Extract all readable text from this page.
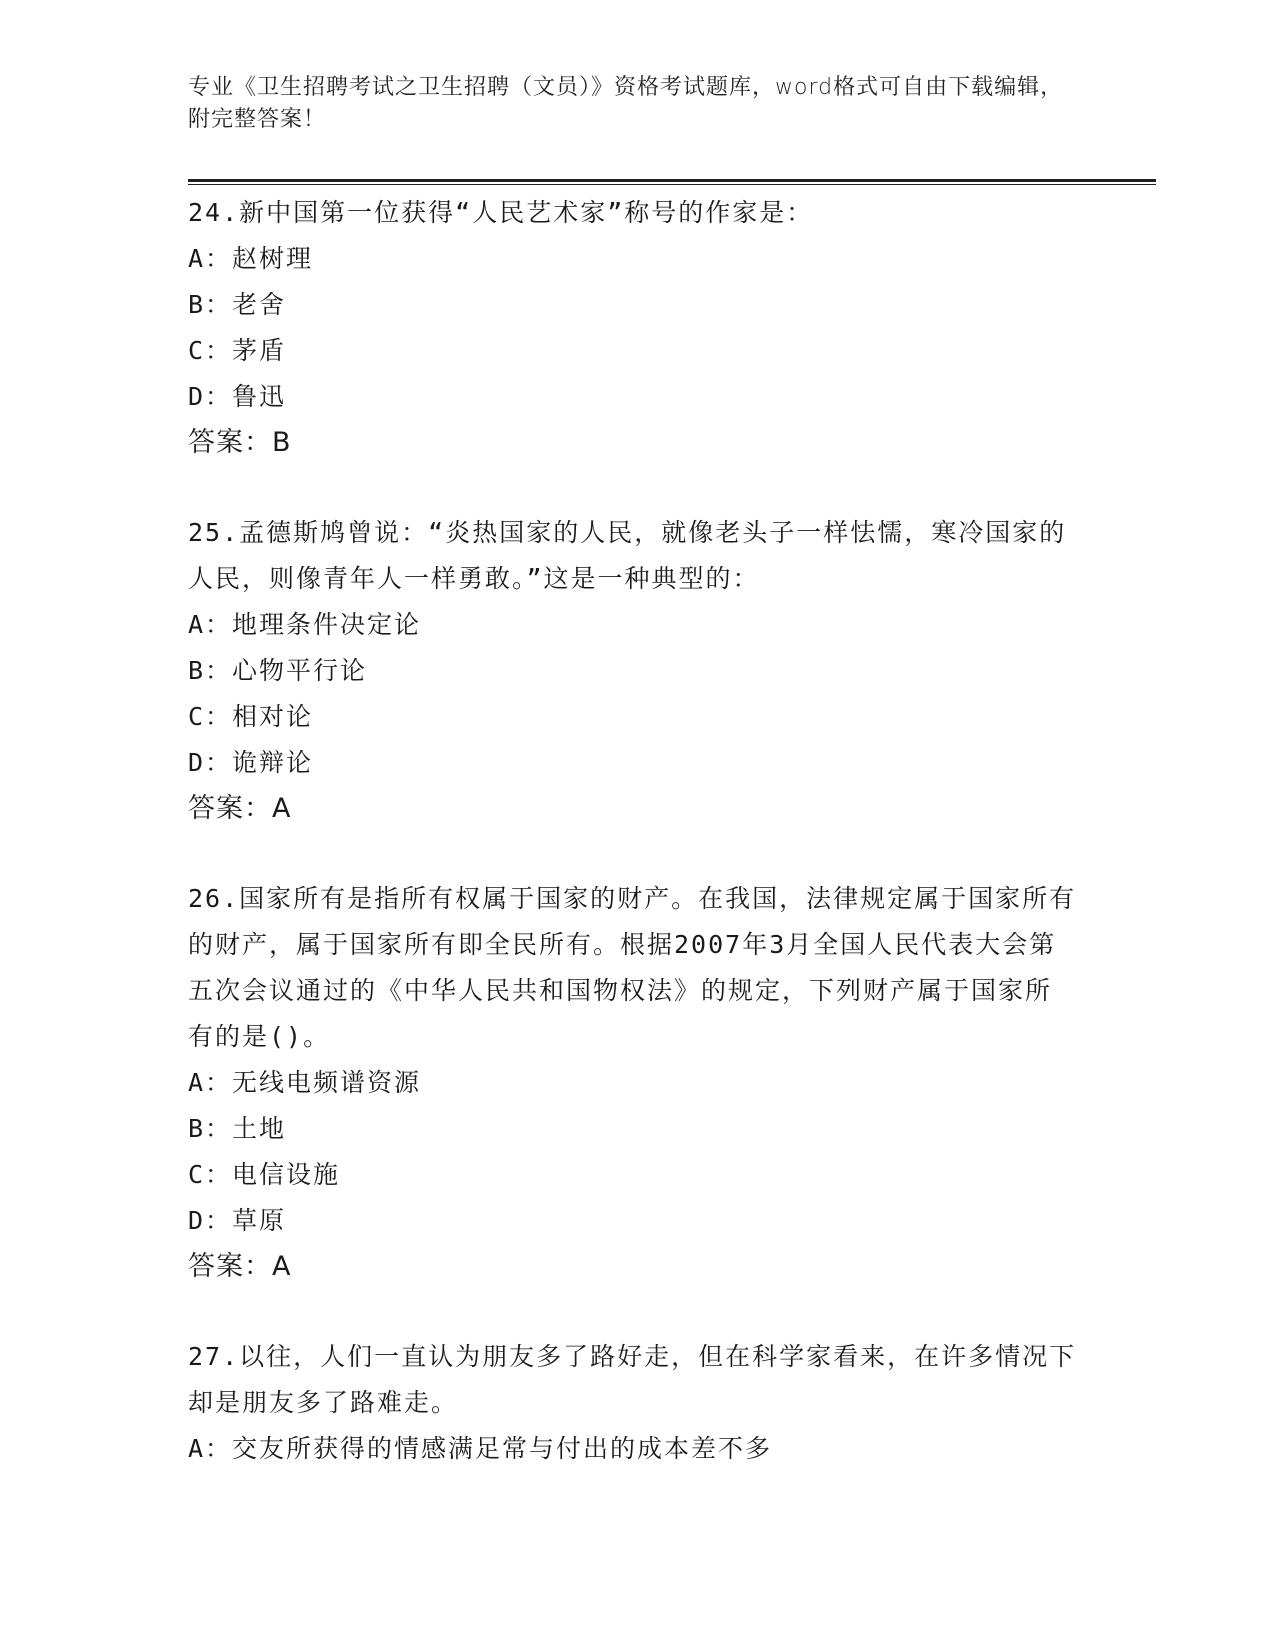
专业《卫生招聘考试之卫生招聘（文员）》资格考试题库，word格式可自由下载编辑，附完整答案！

24.新中国第一位获得“人民艺术家”称号的作家是：

A：赵树理

B：老舍

C：茅盾

D：鲁迅

答案：B

25.孟德斯鸠曾说：“炎热国家的人民，就像老头子一样怯懦，寒冷国家的人民，则像青年人一样勇敢。”这是一种典型的：

A：地理条件决定论

B：心物平行论

C：相对论

D：诡辩论

答案：A

26.国家所有是指所有权属于国家的财产。在我国，法律规定属于国家所有的财产，属于国家所有即全民所有。根据2007年3月全国人民代表大会第五次会议通过的《中华人民共和国物权法》的规定，下列财产属于国家所有的是()。

A：无线电频谱资源

B：土地

C：电信设施

D：草原

答案：A

27.以往，人们一直认为朋友多了路好走，但在科学家看来，在许多情况下却是朋友多了路难走。

A：交友所获得的情感满足常与付出的成本差不多
